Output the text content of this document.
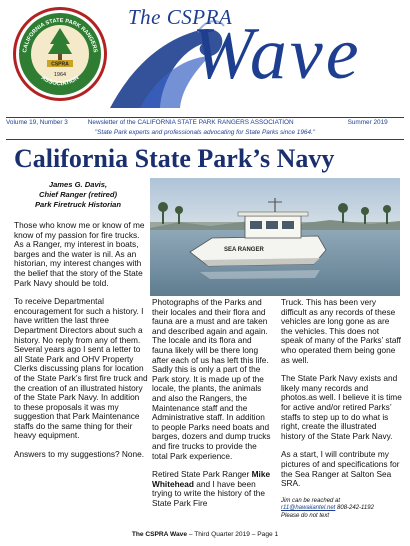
CALIFORNIA STATE PARK RANGERS
ASSOCIATION
CSPRA
1964
The CSPRA
Wave
Volume 19, Number 3	Newsletter of the CALIFORNIA STATE PARK RANGERS ASSOCIATION	Summer 2019
"State Park experts and professionals advocating for State Parks since 1964."
California State Park’s Navy
James G. Davis,
Chief Ranger (retired)
Park Firetruck Historian
SEA RANGER

Those who know me or know of me know of my passion for fire trucks. As a Ranger, my interest in boats, barges and the water is nil. As an historian, my interest changes with the belief that the story of the State Park Navy should be told.

To receive Departmental encouragement for such a history. I have written the last three Department Directors about such a history. No reply from any of them. Several years ago I sent a letter to all State Park and OHV Property Clerks discussing plans for location of the State Park’s first fire truck and the creation of an illustrated history of the State Park Navy. In addition to these proposals it was my suggestion that Park Maintenance staffs do the same thing for their heavy equipment.

Answers to my suggestions? None.

Photographs of the Parks and their locales and their flora and fauna are a must and are taken and described again and again. The locale and its flora and fauna likely will be there long after each of us has left this life. Sadly this is only a part of the Park story. It is made up of the locale, the plants, the animals and also the Rangers, the Maintenance staff and the Administrative staff. In addition to people Parks need boats and barges, dozers and dump trucks and fire trucks to provide the total Park experience.

Retired State Park Ranger Mike Whitehead and I have been trying to write the history of the State Park Fire

Truck. This has been very difficult as any records of these vehicles are long gone as are the vehicles. This does not speak of many of the Parks’ staff who operated them being gone as well.

The State Park Navy exists and likely many records and photos.as well. I believe it is time for active and/or retired Parks’ staffs to step up to do what is right, create the illustrated history of the State Park Navy.

As a start, I will contribute my pictures of and specifications for the Sea Ranger at Salton Sea SRA.

Jim can be reached at
r11@hawaiiantel.net 808-242-1192
Please do not text
The CSPRA Wave – Third Quarter 2019 – Page 1
